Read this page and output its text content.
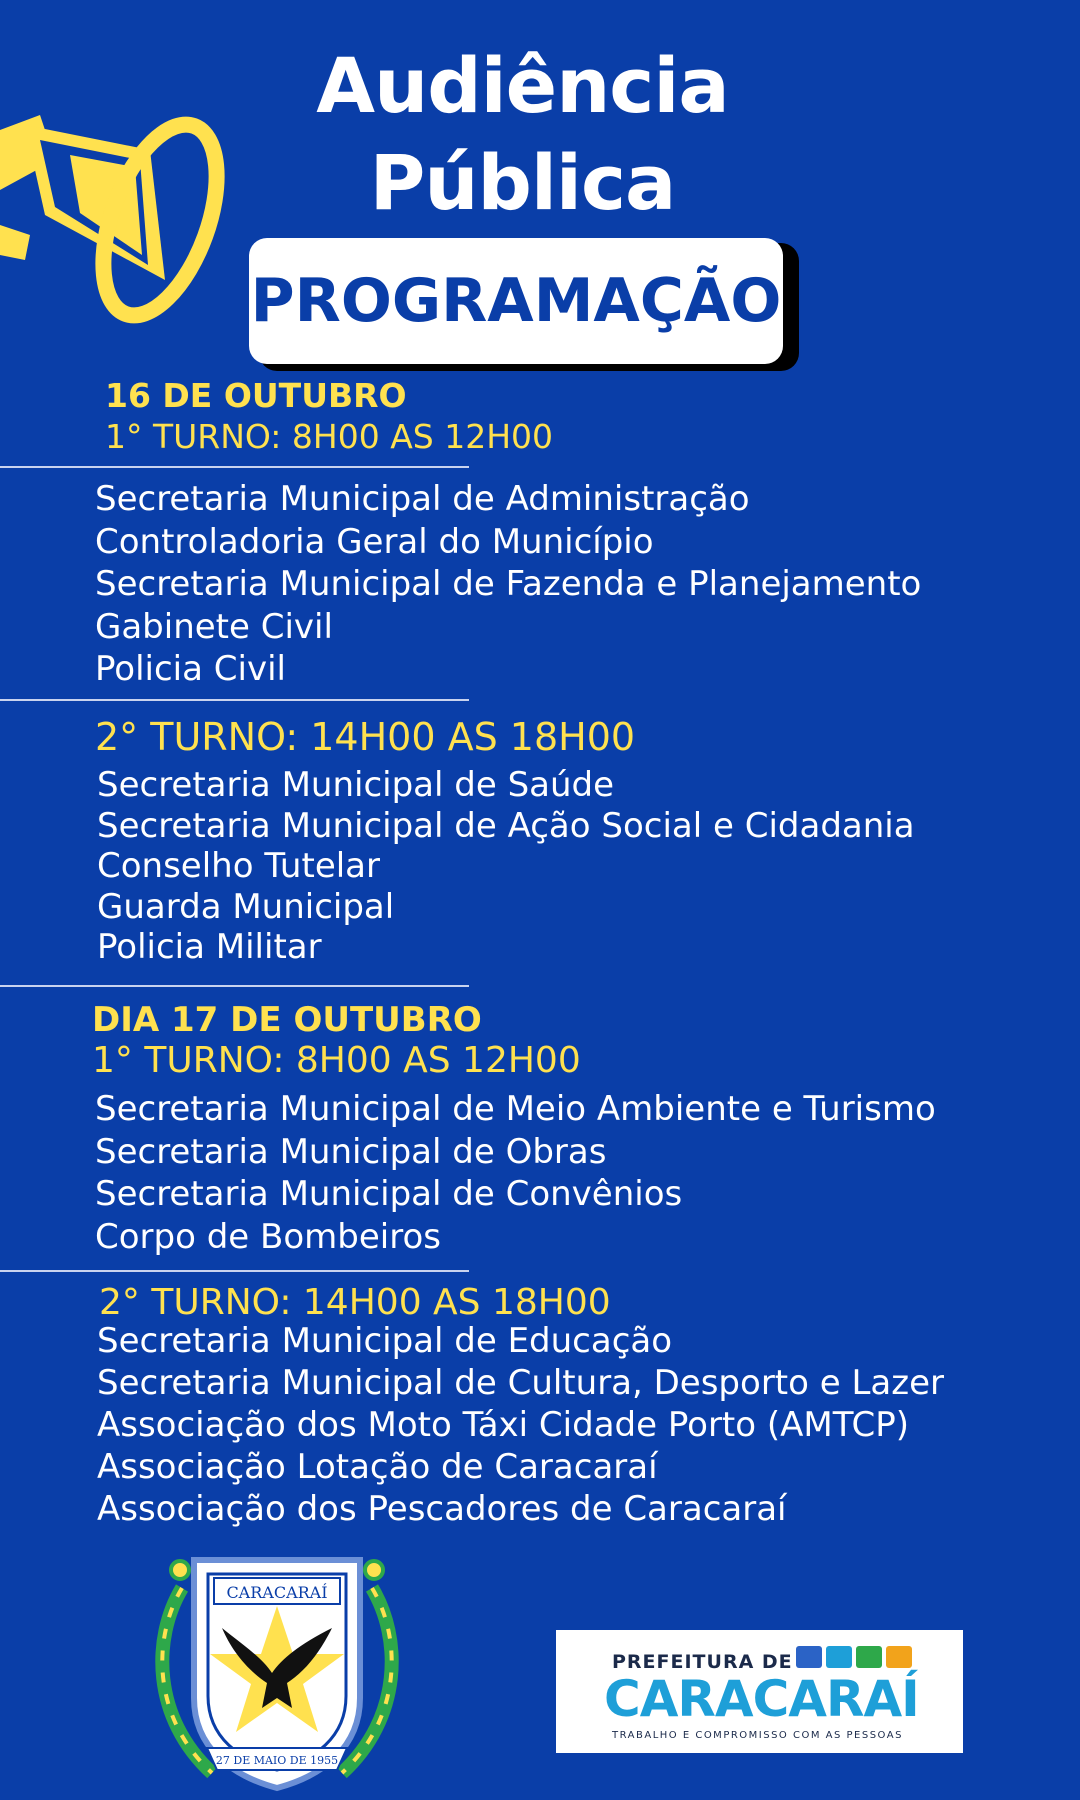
Audiência
Pública
PROGRAMAÇÃO
16 DE OUTUBRO
1° TURNO: 8H00 AS 12H00
Secretaria Municipal de Administração
Controladoria Geral do Município
Secretaria Municipal de Fazenda e Planejamento
Gabinete Civil
Policia Civil
2° TURNO: 14H00 AS 18H00
Secretaria Municipal de Saúde
Secretaria Municipal de Ação Social e Cidadania
Conselho Tutelar
Guarda Municipal
Policia Militar
DIA 17 DE OUTUBRO
1° TURNO: 8H00 AS 12H00
Secretaria Municipal de Meio Ambiente e Turismo
Secretaria Municipal de Obras
Secretaria Municipal de Convênios
Corpo de Bombeiros
2° TURNO: 14H00 AS 18H00
Secretaria Municipal de Educação
Secretaria Municipal de Cultura, Desporto e Lazer
Associação dos Moto Táxi Cidade Porto (AMTCP)
Associação Lotação de Caracaraí
Associação dos Pescadores de Caracaraí
CARACARAÍ
27 DE MAIO DE 1955
PREFEITURA DE
CARACARAÍ
TRABALHO E COMPROMISSO COM AS PESSOAS
